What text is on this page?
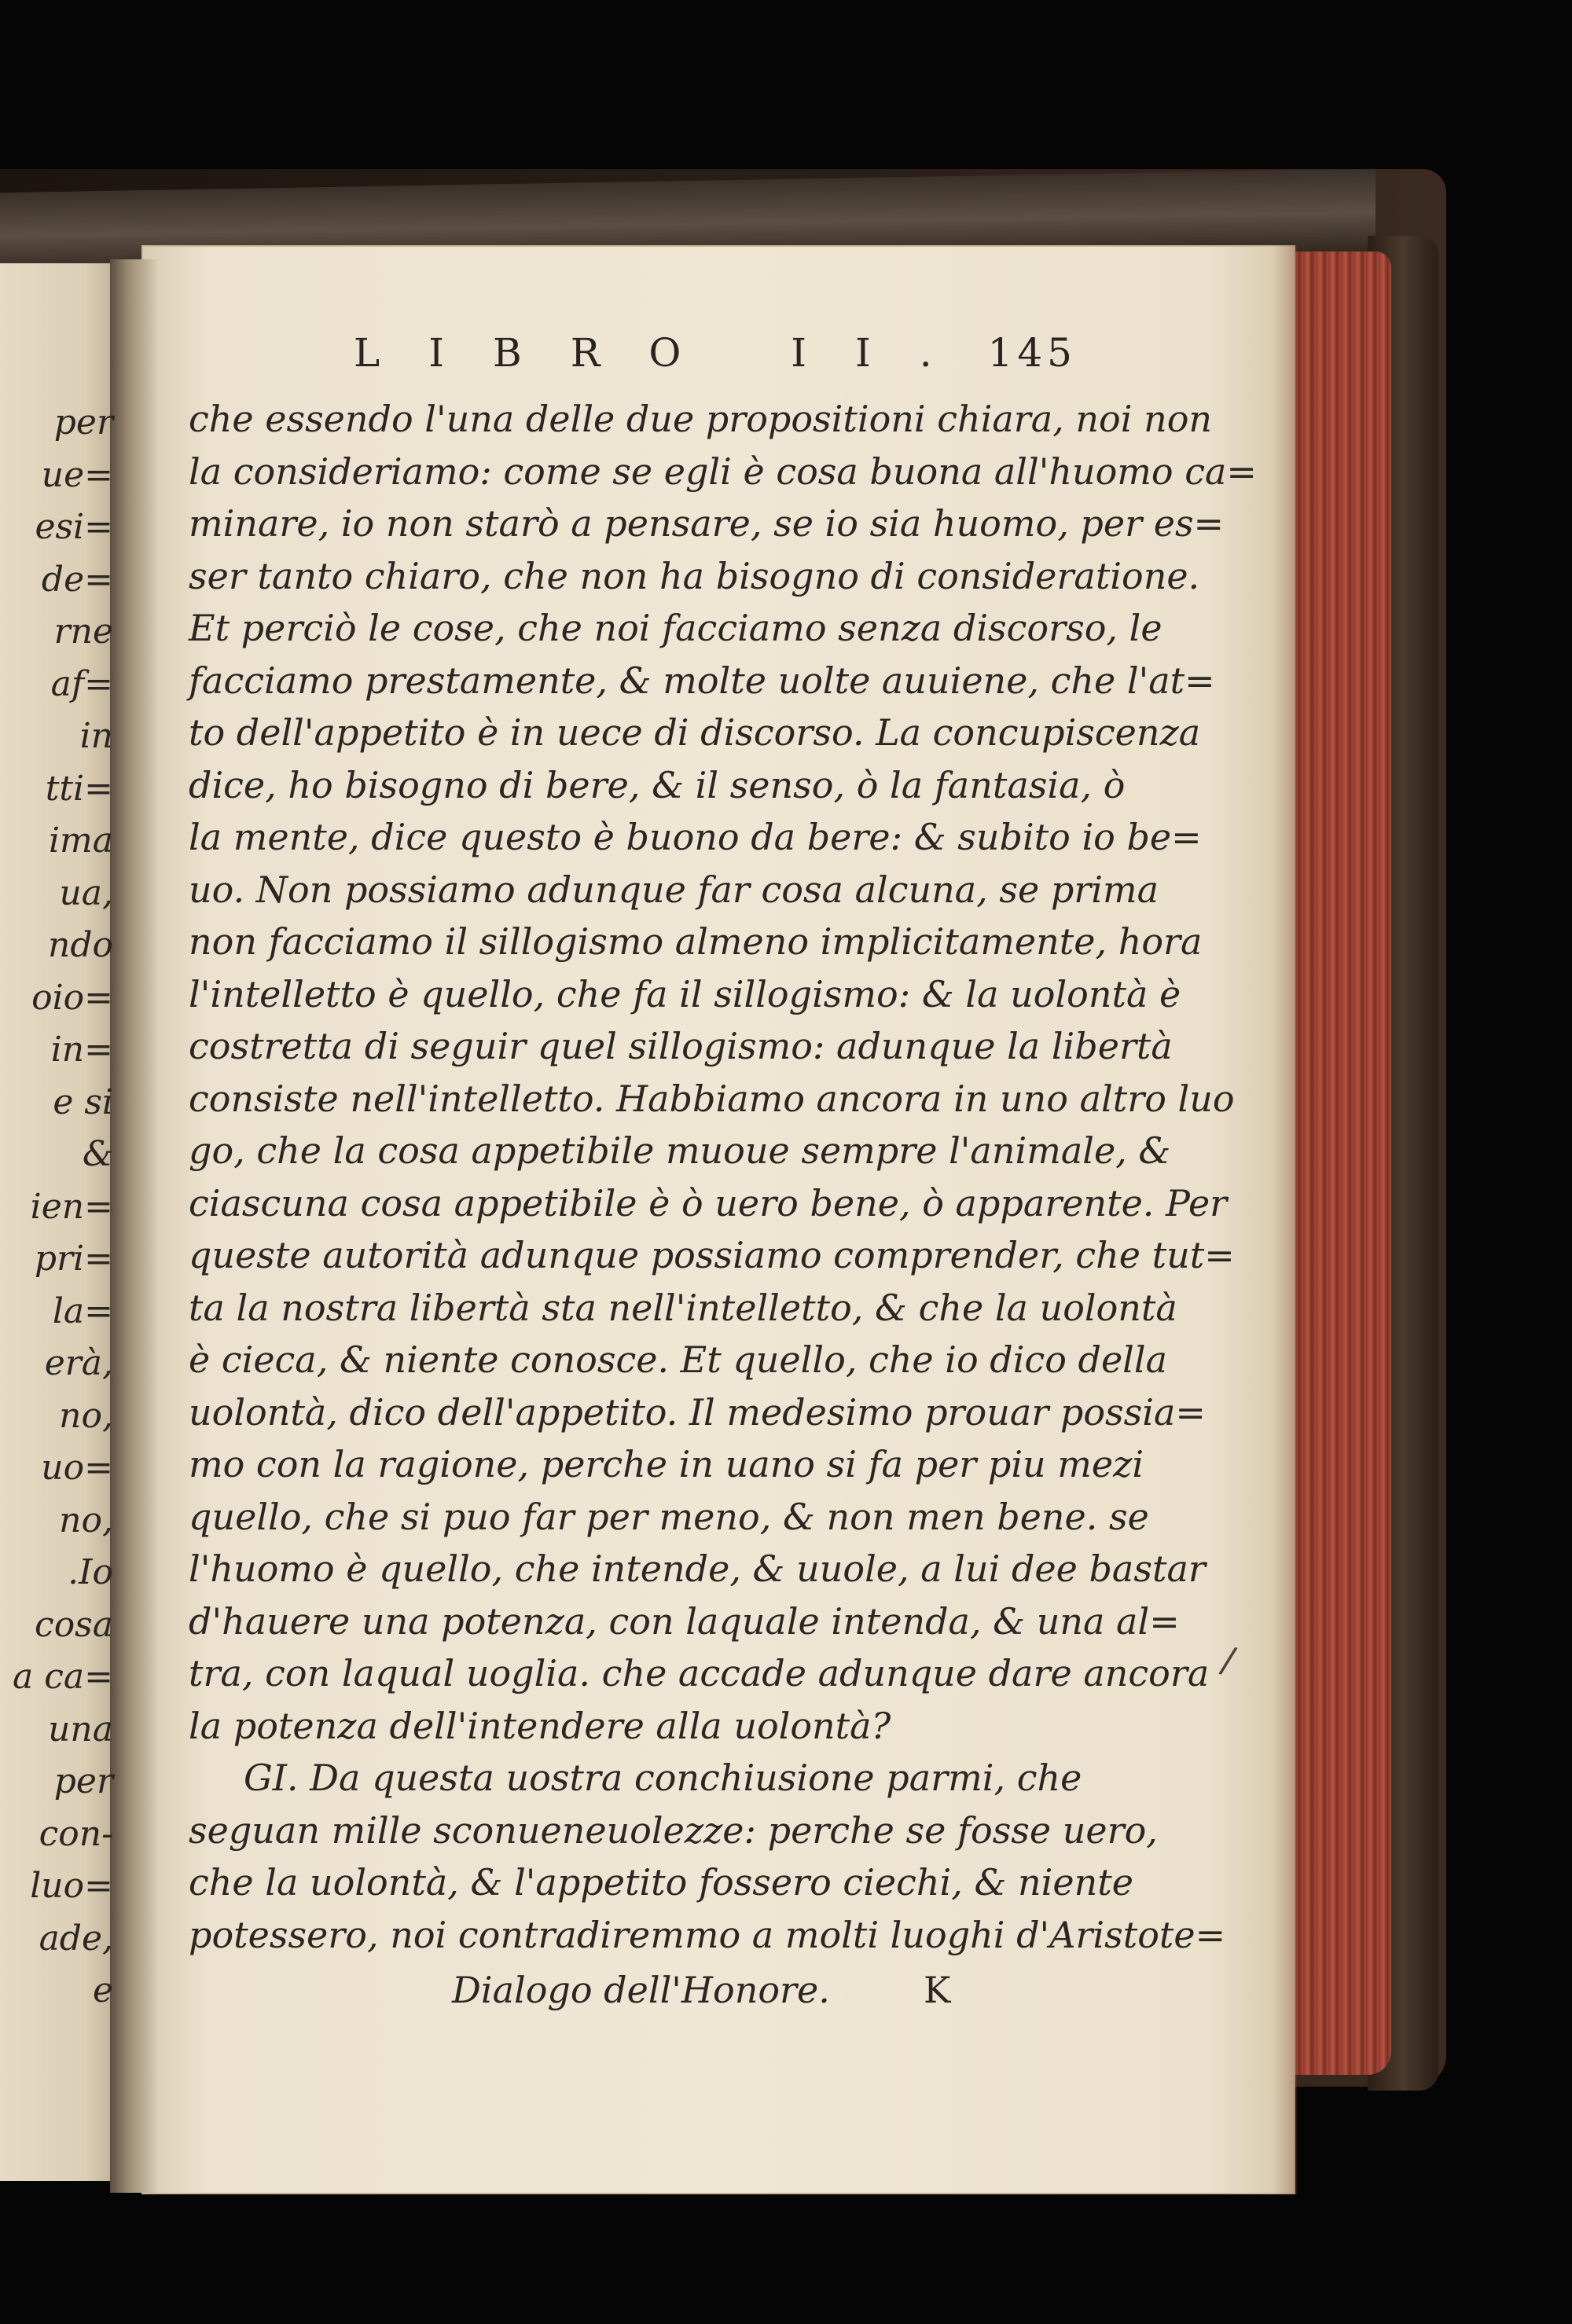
per
ue=
esi=
de=
rne
af=
in
tti=
ima
ua,
ndo
oio=
in=
e si
&
ien=
pri=
la=
erà,
no,
uo=
no,
.Io
cosa
a ca=
una
per
con-
luo=
ade,
e
LIBRO II. 145
che essendo l'una delle due propositioni chiara, noi non
la consideriamo: come se egli è cosa buona all'huomo ca=
minare, io non starò a pensare, se io sia huomo, per es=
ser tanto chiaro, che non ha bisogno di consideratione.
Et perciò le cose, che noi facciamo senza discorso, le
facciamo prestamente, & molte uolte auuiene, che l'at=
to dell'appetito è in uece di discorso. La concupiscenza
dice, ho bisogno di bere, & il senso, ò la fantasia, ò
la mente, dice questo è buono da bere: & subito io be=
uo. Non possiamo adunque far cosa alcuna, se prima
non facciamo il sillogismo almeno implicitamente, hora
l'intelletto è quello, che fa il sillogismo: & la uolontà è
costretta di seguir quel sillogismo: adunque la libertà
consiste nell'intelletto. Habbiamo ancora in uno altro luo
go, che la cosa appetibile muoue sempre l'animale, &
ciascuna cosa appetibile è ò uero bene, ò apparente. Per
queste autorità adunque possiamo comprender, che tut=
ta la nostra libertà sta nell'intelletto, & che la uolontà
è cieca, & niente conosce. Et quello, che io dico della
uolontà, dico dell'appetito. Il medesimo prouar possia=
mo con la ragione, perche in uano si fa per piu mezi
quello, che si puo far per meno, & non men bene. se
l'huomo è quello, che intende, & uuole, a lui dee bastar
d'hauere una potenza, con laquale intenda, & una al=
tra, con laqual uoglia. che accade adunque dare ancora
la potenza dell'intendere alla uolontà?
GI. Da questa uostra conchiusione parmi, che
seguan mille sconueneuolezze: perche se fosse uero,
che la uolontà, & l'appetito fossero ciechi, & niente
potessero, noi contradiremmo a molti luoghi d'Aristote=
Dialogo dell'Honore.	K
/
